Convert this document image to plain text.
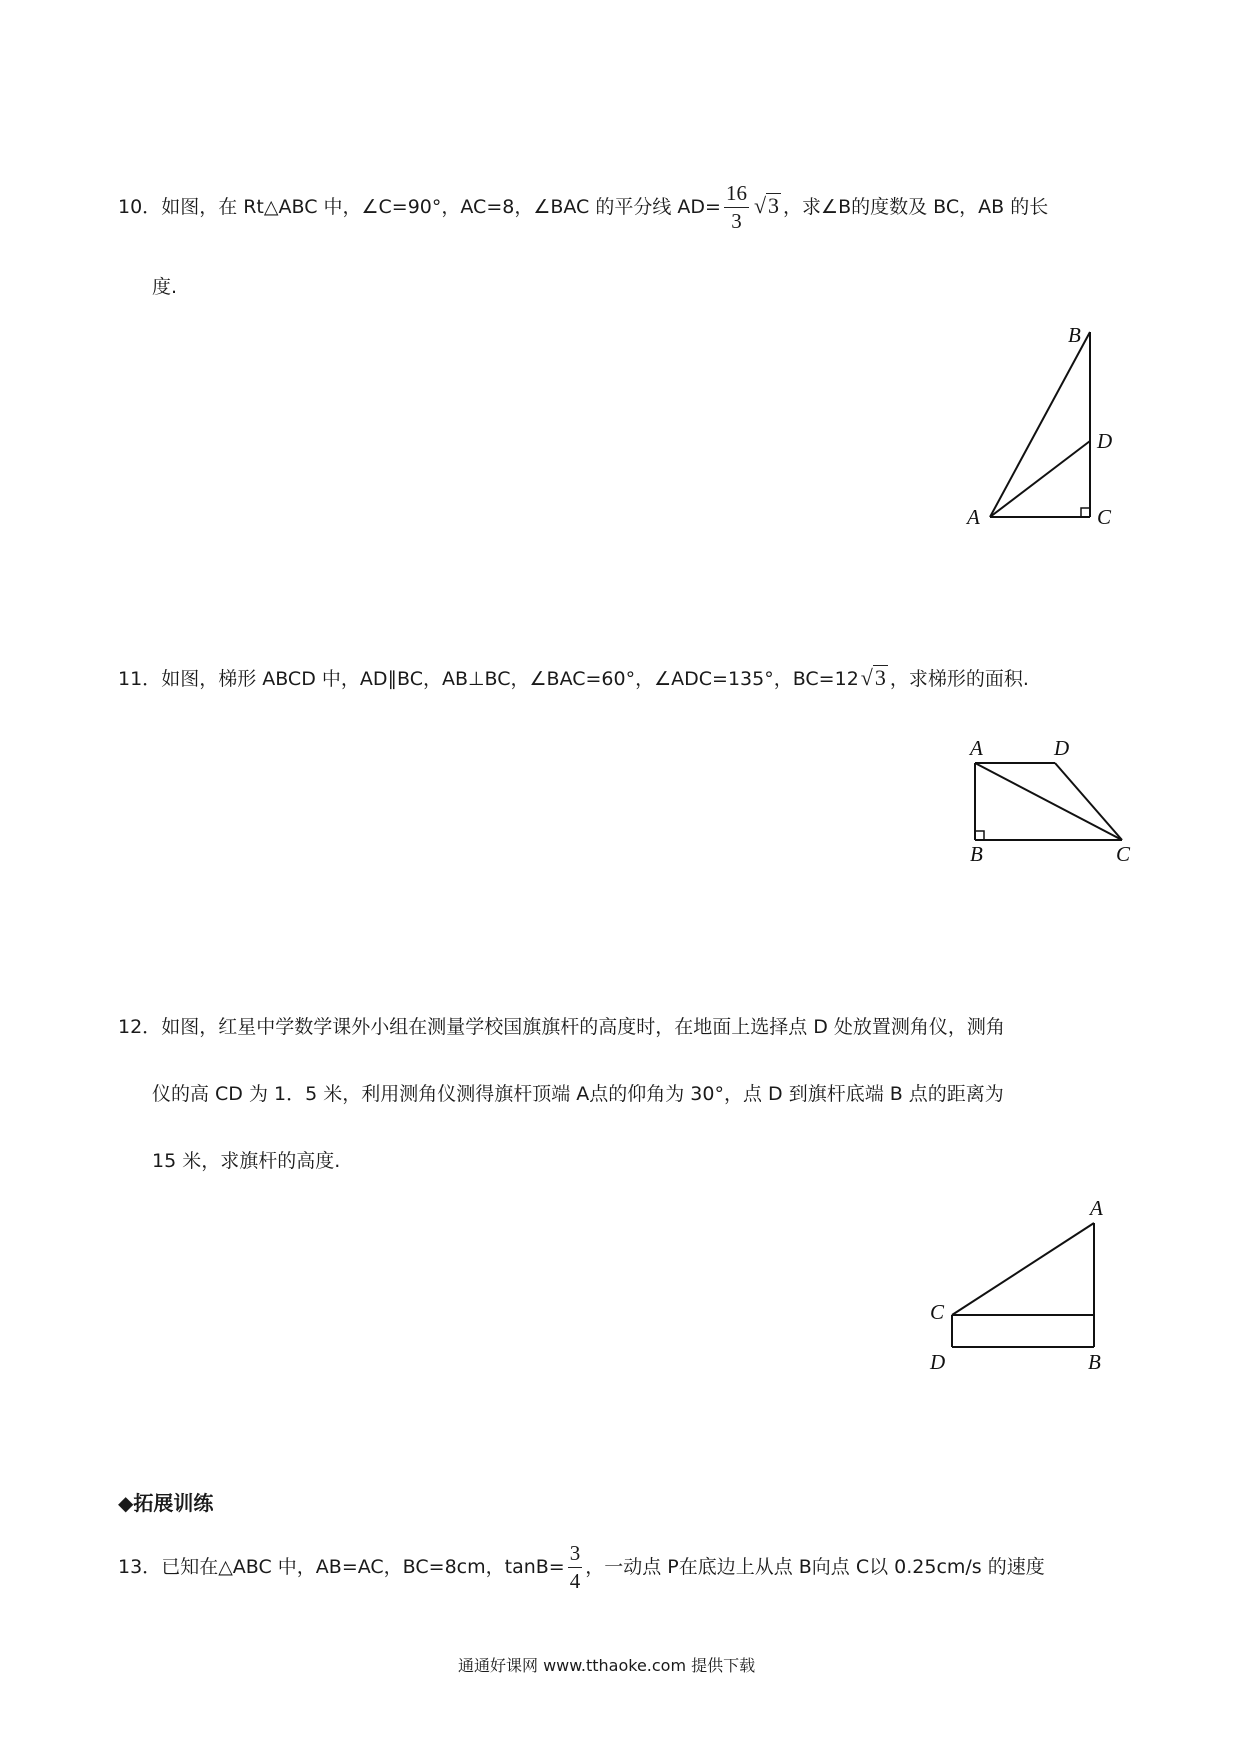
10．如图，在 Rt△ABC 中，∠C=90°，AC=8，∠BAC 的平分线 $AD= \frac{16}{3} √3$ ，求∠B的度数及 BC，AB 的长
度.
B
D
A	C
11．如图，梯形 ABCD 中，AD∥BC，AB⊥BC，∠BAC=60°，∠ADC=135°，BC=12√3 ，求梯形的面积.
A	D
B	C
12．如图，红星中学数学课外小组在测量学校国旗旗杆的高度时，在地面上选择点 D 处放置测角仪，测角
仪的高 CD 为 1．5 米，利用测角仪测得旗杆顶端 A点的仰角为 30°，点 D 到旗杆底端 B 点的距离为
15 米，求旗杆的高度.
A
C
D	B
◆拓展训练
13．已知在△ABC 中，AB=AC，BC=8cm，$\tan B= \frac{3}{4}$ ，一动点 P在底边上从点 B向点 C以 0.25cm/s 的速度
通通好课网 www.tthaoke.com 提供下载
